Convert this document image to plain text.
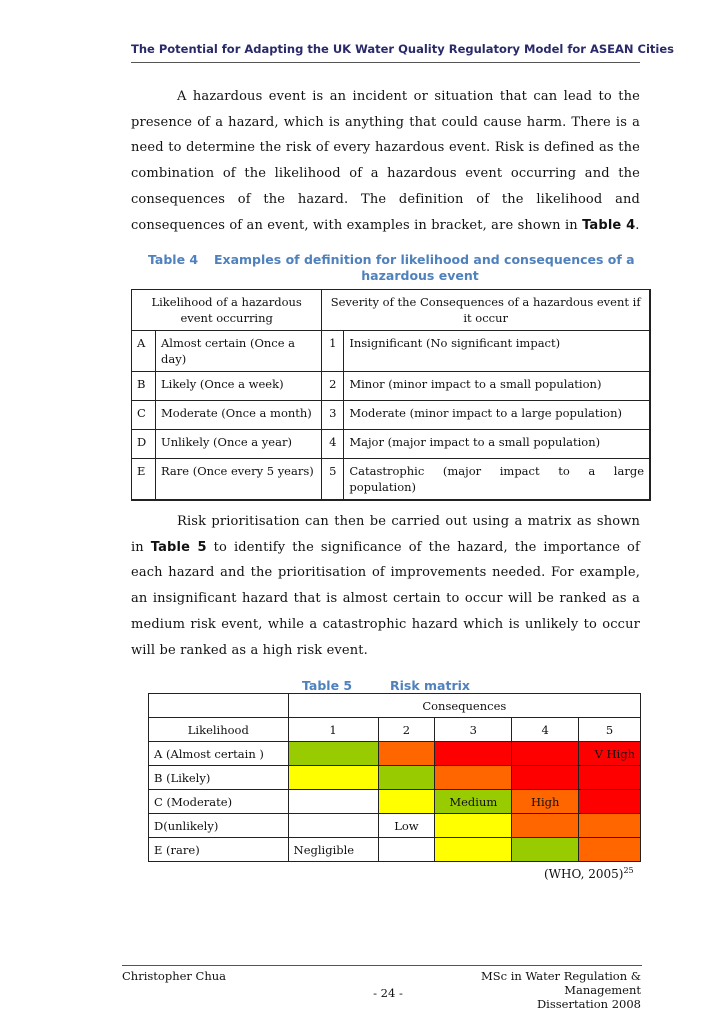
The Potential for Adapting the UK Water Quality Regulatory Model for ASEAN Cities
A hazardous event is an incident or situation that can lead to the presence of a hazard, which is anything that could cause harm. There is a need to determine the risk of every hazardous event. Risk is defined as the combination of the likelihood of a hazardous event occurring and the consequences of the hazard. The definition of the likelihood and consequences of an event, with examples in bracket, are shown in Table 4.
Table 4 Examples of definition for likelihood and consequences of a
hazardous event
Likelihood of a hazardous event occurring		Severity of the Consequences of a hazardous event if it occur	
A	Almost certain (Once a day)	1	Insignificant (No significant impact)
B	Likely (Once a week)	2	Minor (minor impact to a small population)
C	Moderate (Once a month)	3	Moderate (minor impact to a large population)
D	Unlikely (Once a year)	4	Major (major impact to a small population)
E	Rare (Once every 5 years)	5	Catastrophic (major impact to a large
population)
Risk prioritisation can then be carried out using a matrix as shown in Table 5 to identify the significance of the hazard, the importance of each hazard and the prioritisation of improvements needed. For example, an insignificant hazard that is almost certain to occur will be ranked as a medium risk event, while a catastrophic hazard which is unlikely to occur will be ranked as a high risk event.
Table 5	Risk matrix
	Consequences				
Likelihood	1	2	3	4	5
A (Almost certain )					V High
B (Likely)					
C (Moderate)			Medium	High	
D(unlikely)		Low			
E (rare)	Negligible				
(WHO, 2005)$^{25}$
Christopher Chua	MSc in Water Regulation & Management
Dissertation 2008
- 24 -
